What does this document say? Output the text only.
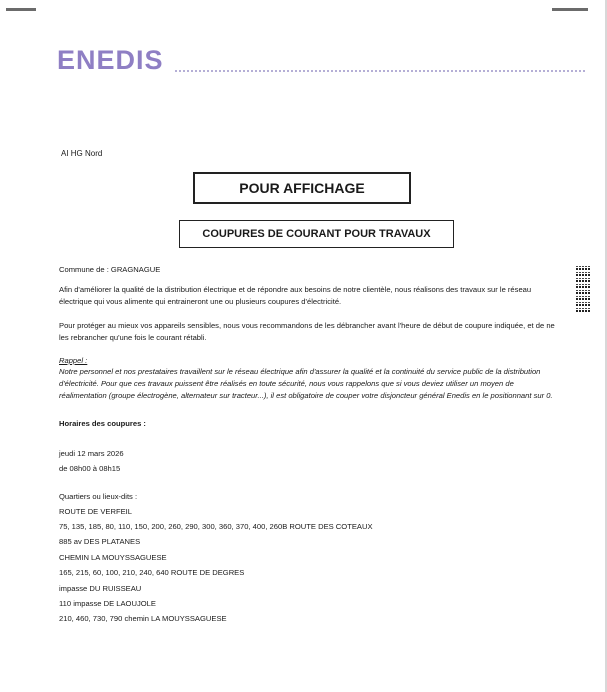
ENEDIS
AI HG Nord
POUR AFFICHAGE
COUPURES DE COURANT POUR TRAVAUX
Commune de : GRAGNAGUE
Afin d'améliorer la qualité de la distribution électrique et de répondre aux besoins de notre clientèle, nous réalisons des travaux sur le réseau électrique qui vous alimente qui entraineront une ou plusieurs coupures d'électricité.
Pour protéger au mieux vos appareils sensibles, nous vous recommandons de les débrancher avant l'heure de début de coupure indiquée, et de ne les rebrancher qu'une fois le courant rétabli.
Rappel :
Notre personnel et nos prestataires travaillent sur le réseau électrique afin d'assurer la qualité et la continuité du service public de la distribution d'électricité. Pour que ces travaux puissent être réalisés en toute sécurité, nous vous rappelons que si vous deviez utiliser un moyen de réalimentation (groupe électrogène, alternateur sur tracteur...), il est obligatoire de couper votre disjoncteur général Enedis en le positionnant sur 0.
Horaires des coupures :
jeudi 12 mars 2026
de 08h00 à 08h15
Quartiers ou lieux-dits :
ROUTE DE VERFEIL
75, 135, 185, 80, 110, 150, 200, 260, 290, 300, 360, 370, 400, 260B ROUTE DES COTEAUX
885 av DES PLATANES
CHEMIN LA MOUYSSAGUESE
165, 215, 60, 100, 210, 240, 640 ROUTE DE DEGRES
impasse DU RUISSEAU
110 impasse DE LAOUJOLE
210, 460, 730, 790 chemin LA MOUYSSAGUESE
